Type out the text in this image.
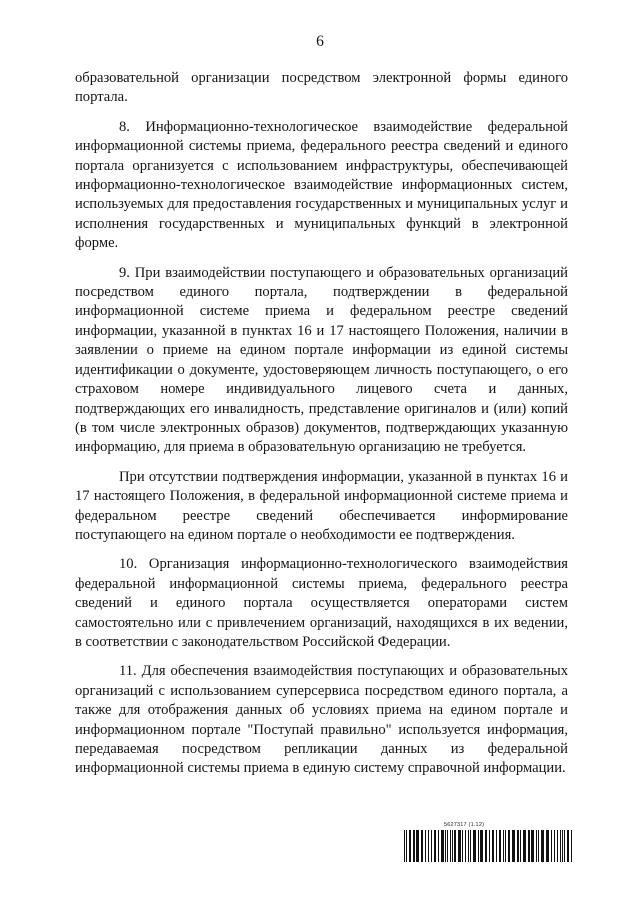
6

образовательной организации посредством электронной формы единого портала.

8. Информационно-технологическое взаимодействие федеральной информационной системы приема, федерального реестра сведений и единого портала организуется с использованием инфраструктуры, обеспечивающей информационно-технологическое взаимодействие информационных систем, используемых для предоставления государственных и муниципальных услуг и исполнения государственных и муниципальных функций в электронной форме.

9. При взаимодействии поступающего и образовательных организаций посредством единого портала, подтверждении в федеральной информационной системе приема и федеральном реестре сведений информации, указанной в пунктах 16 и 17 настоящего Положения, наличии в заявлении о приеме на едином портале информации из единой системы идентификации о документе, удостоверяющем личность поступающего, о его страховом номере индивидуального лицевого счета и данных, подтверждающих его инвалидность, представление оригиналов и (или) копий (в том числе электронных образов) документов, подтверждающих указанную информацию, для приема в образовательную организацию не требуется.

При отсутствии подтверждения информации, указанной в пунктах 16 и 17 настоящего Положения, в федеральной информационной системе приема и федеральном реестре сведений обеспечивается информирование поступающего на едином портале о необходимости ее подтверждения.

10. Организация информационно-технологического взаимодействия федеральной информационной системы приема, федерального реестра сведений и единого портала осуществляется операторами систем самостоятельно или с привлечением организаций, находящихся в их ведении, в соответствии с законодательством Российской Федерации.

11. Для обеспечения взаимодействия поступающих и образовательных организаций с использованием суперсервиса посредством единого портала, а также для отображения данных об условиях приема на едином портале и информационном портале "Поступай правильно" используется информация, передаваемая посредством репликации данных из федеральной информационной системы приема в единую систему справочной информации.

5627317 (1.12)
